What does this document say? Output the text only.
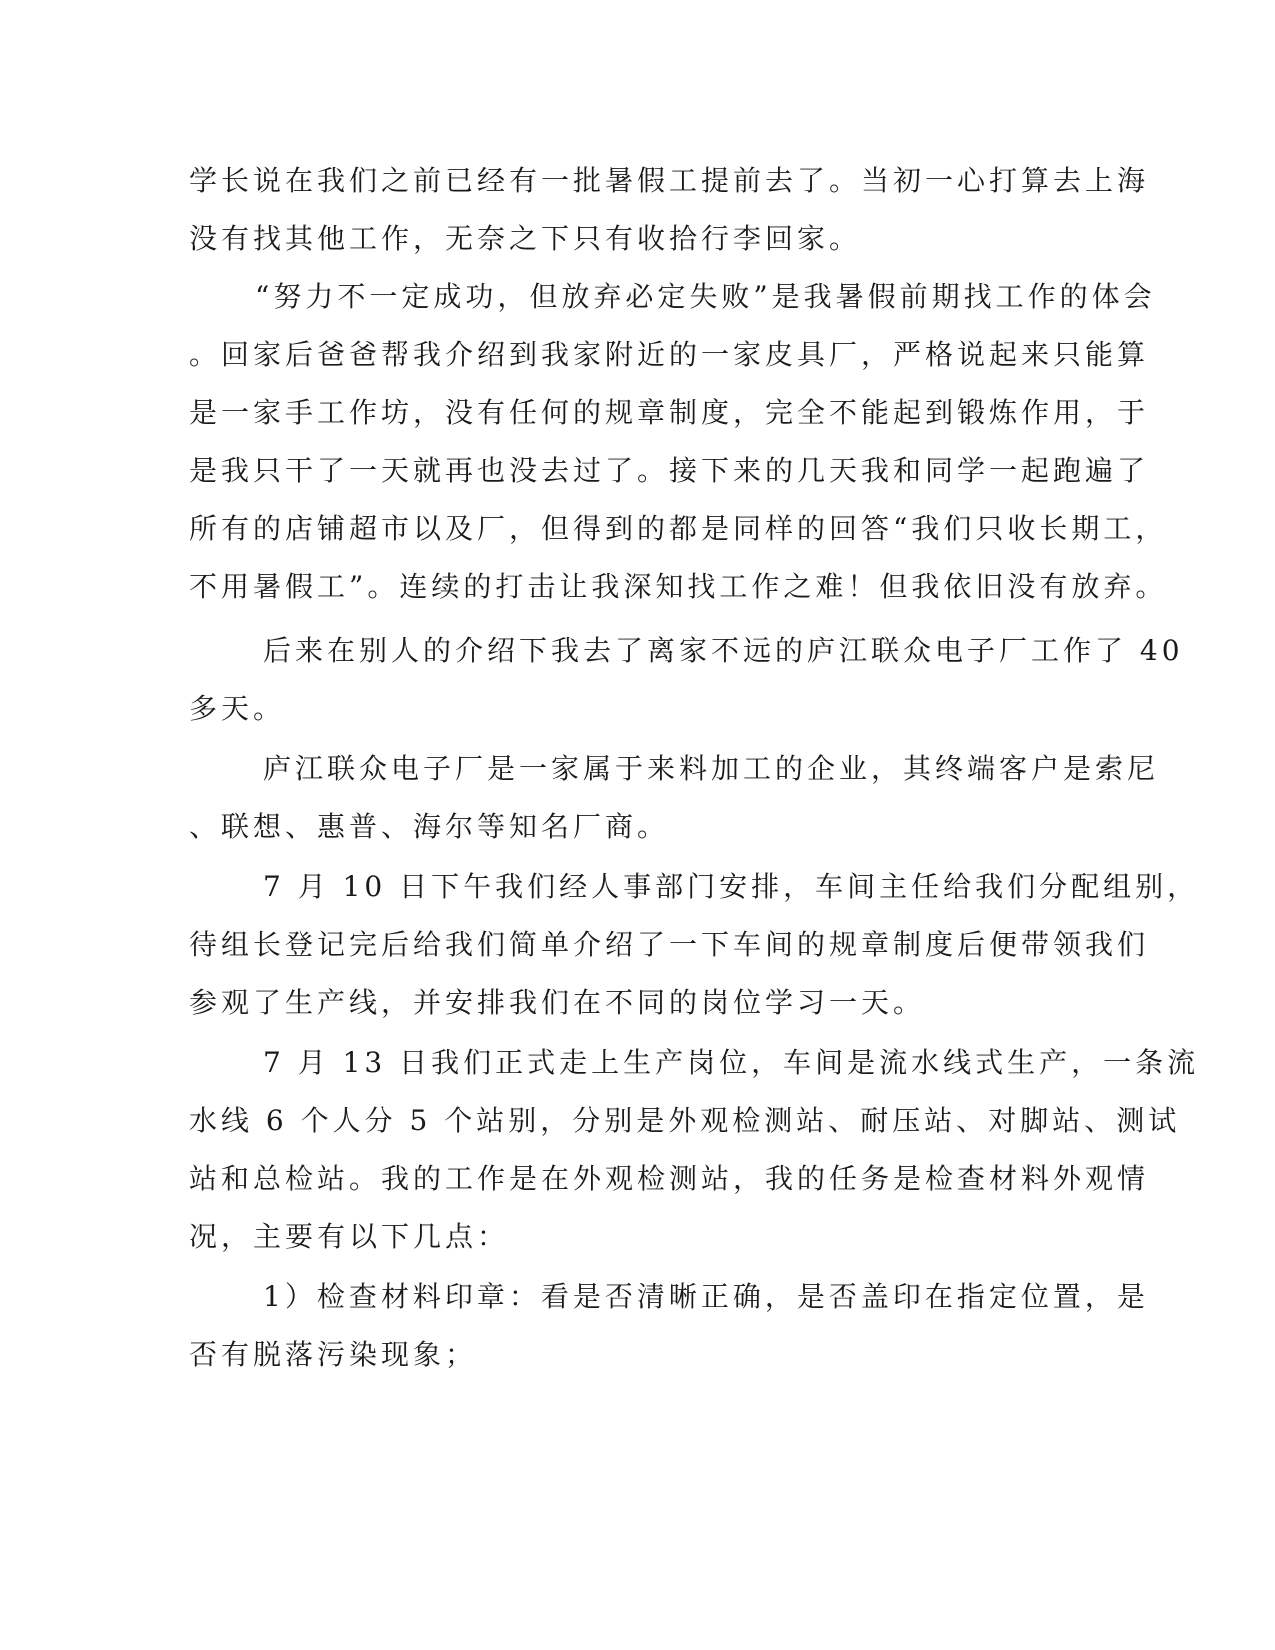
学长说在我们之前已经有一批暑假工提前去了。当初一心打算去上海
没有找其他工作，无奈之下只有收拾行李回家。
“努力不一定成功，但放弃必定失败”是我暑假前期找工作的体会
。回家后爸爸帮我介绍到我家附近的一家皮具厂，严格说起来只能算
是一家手工作坊，没有任何的规章制度，完全不能起到锻炼作用，于
是我只干了一天就再也没去过了。接下来的几天我和同学一起跑遍了
所有的店铺超市以及厂，但得到的都是同样的回答“我们只收长期工，
不用暑假工”。连续的打击让我深知找工作之难！但我依旧没有放弃。
后来在别人的介绍下我去了离家不远的庐江联众电子厂工作了 40
多天。
庐江联众电子厂是一家属于来料加工的企业，其终端客户是索尼
、联想、惠普、海尔等知名厂商。
7 月 10 日下午我们经人事部门安排，车间主任给我们分配组别，
待组长登记完后给我们简单介绍了一下车间的规章制度后便带领我们
参观了生产线，并安排我们在不同的岗位学习一天。
7 月 13 日我们正式走上生产岗位，车间是流水线式生产，一条流
水线 6 个人分 5 个站别，分别是外观检测站、耐压站、对脚站、测试
站和总检站。我的工作是在外观检测站，我的任务是检查材料外观情
况，主要有以下几点：
1）检查材料印章：看是否清晰正确，是否盖印在指定位置，是
否有脱落污染现象；
